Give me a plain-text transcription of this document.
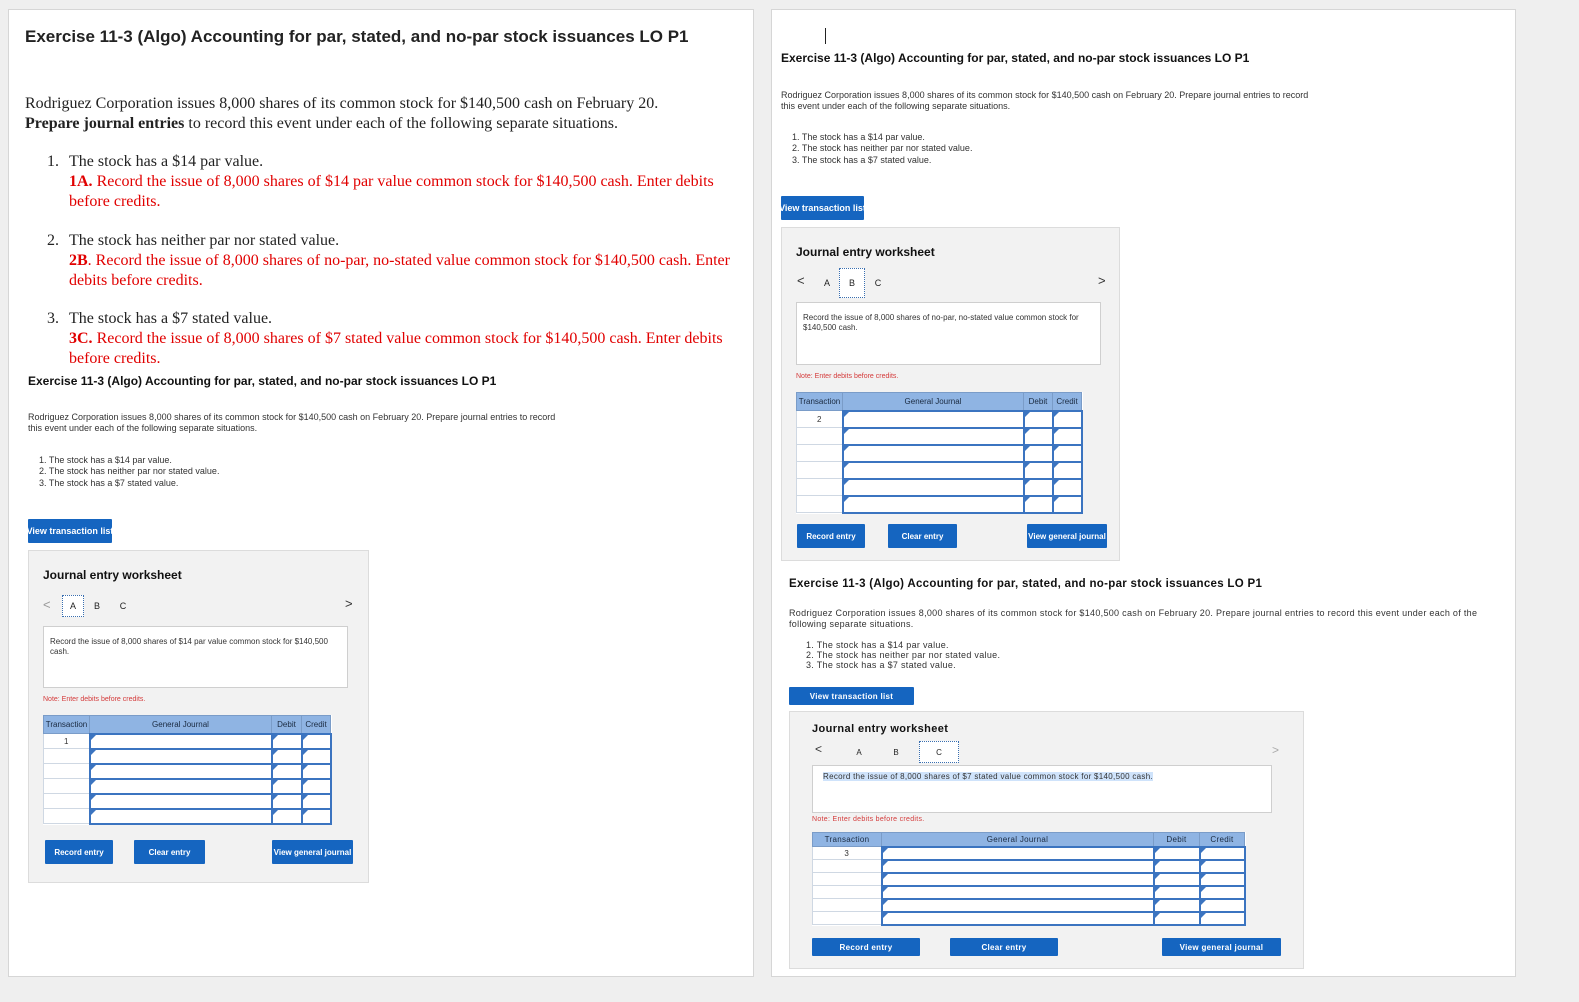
Exercise 11-3 (Algo) Accounting for par, stated, and no-par stock issuances LO P1
Rodriguez Corporation issues 8,000 shares of its common stock for $140,500 cash on February 20.
Prepare journal entries to record this event under each of the following separate situations.
1. The stock has a $14 par value.
1A. Record the issue of 8,000 shares of $14 par value common stock for $140,500 cash. Enter debits before credits.
2. The stock has neither par nor stated value.
2B. Record the issue of 8,000 shares of no-par, no-stated value common stock for $140,500 cash. Enter debits before credits.
3. The stock has a $7 stated value.
3C. Record the issue of 8,000 shares of $7 stated value common stock for $140,500 cash. Enter debits before credits.
Exercise 11-3 (Algo) Accounting for par, stated, and no-par stock issuances LO P1
Rodriguez Corporation issues 8,000 shares of its common stock for $140,500 cash on February 20. Prepare journal entries to record
this event under each of the following separate situations.
1. The stock has a $14 par value.
2. The stock has neither par nor stated value.
3. The stock has a $7 stated value.
View transaction list
Journal entry worksheet
<	A	B	C	>
Record the issue of 8,000 shares of $14 par value common stock for $140,500 cash.
Note: Enter debits before credits.
Transaction	General Journal	Debit	Credit
1			

Record entry	Clear entry	View general journal
Exercise 11-3 (Algo) Accounting for par, stated, and no-par stock issuances LO P1
Rodriguez Corporation issues 8,000 shares of its common stock for $140,500 cash on February 20. Prepare journal entries to record
this event under each of the following separate situations.
1. The stock has a $14 par value.
2. The stock has neither par nor stated value.
3. The stock has a $7 stated value.
View transaction list
Journal entry worksheet
<	A	B	C	>
Record the issue of 8,000 shares of no-par, no-stated value common stock for $140,500 cash.
Note: Enter debits before credits.
Transaction	General Journal	Debit	Credit
2			

Record entry	Clear entry	View general journal
Exercise 11-3 (Algo) Accounting for par, stated, and no-par stock issuances LO P1
Rodriguez Corporation issues 8,000 shares of its common stock for $140,500 cash on February 20. Prepare journal entries to record this event under each of the following separate situations.
1. The stock has a $14 par value.
2. The stock has neither par nor stated value.
3. The stock has a $7 stated value.
View transaction list
Journal entry worksheet
<	A	B	C	>
Record the issue of 8,000 shares of $7 stated value common stock for $140,500 cash.
Note: Enter debits before credits.
Transaction	General Journal	Debit	Credit
3			

Record entry	Clear entry	View general journal
